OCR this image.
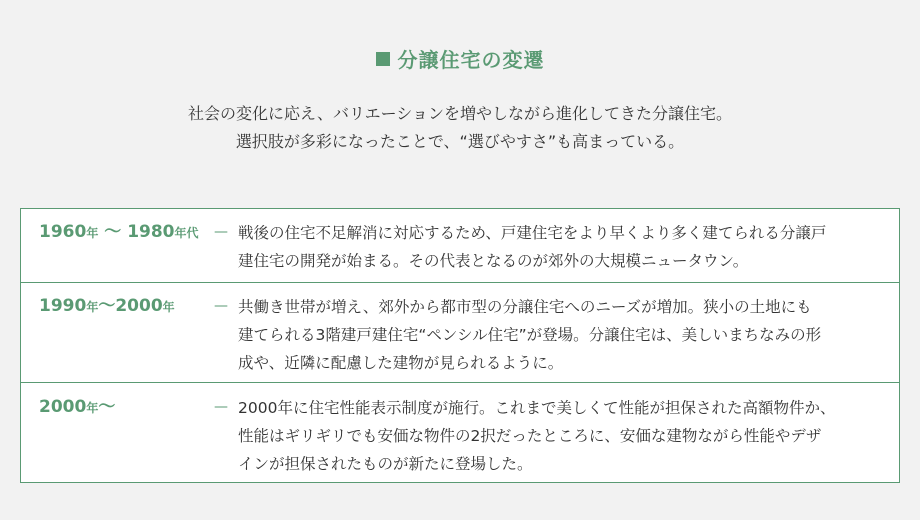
分譲住宅の変遷
社会の変化に応え、バリエーションを増やしながら進化してきた分譲住宅。
選択肢が多彩になったことで、“選びやすさ”も高まっている。
1960年 ～ 1980年代	— 戦後の住宅不足解消に対応するため、戸建住宅をより早くより多く建てられる分譲戸
建住宅の開発が始まる。その代表となるのが郊外の大規模ニュータウン。
1990年～2000年	— 共働き世帯が増え、郊外から都市型の分譲住宅へのニーズが増加。狭小の土地にも
建てられる3階建戸建住宅“ペンシル住宅”が登場。分譲住宅は、美しいまちなみの形
成や、近隣に配慮した建物が見られるように。
2000年～	— 2000年に住宅性能表示制度が施行。これまで美しくて性能が担保された高額物件か、
性能はギリギリでも安価な物件の2択だったところに、安価な建物ながら性能やデザ
インが担保されたものが新たに登場した。
